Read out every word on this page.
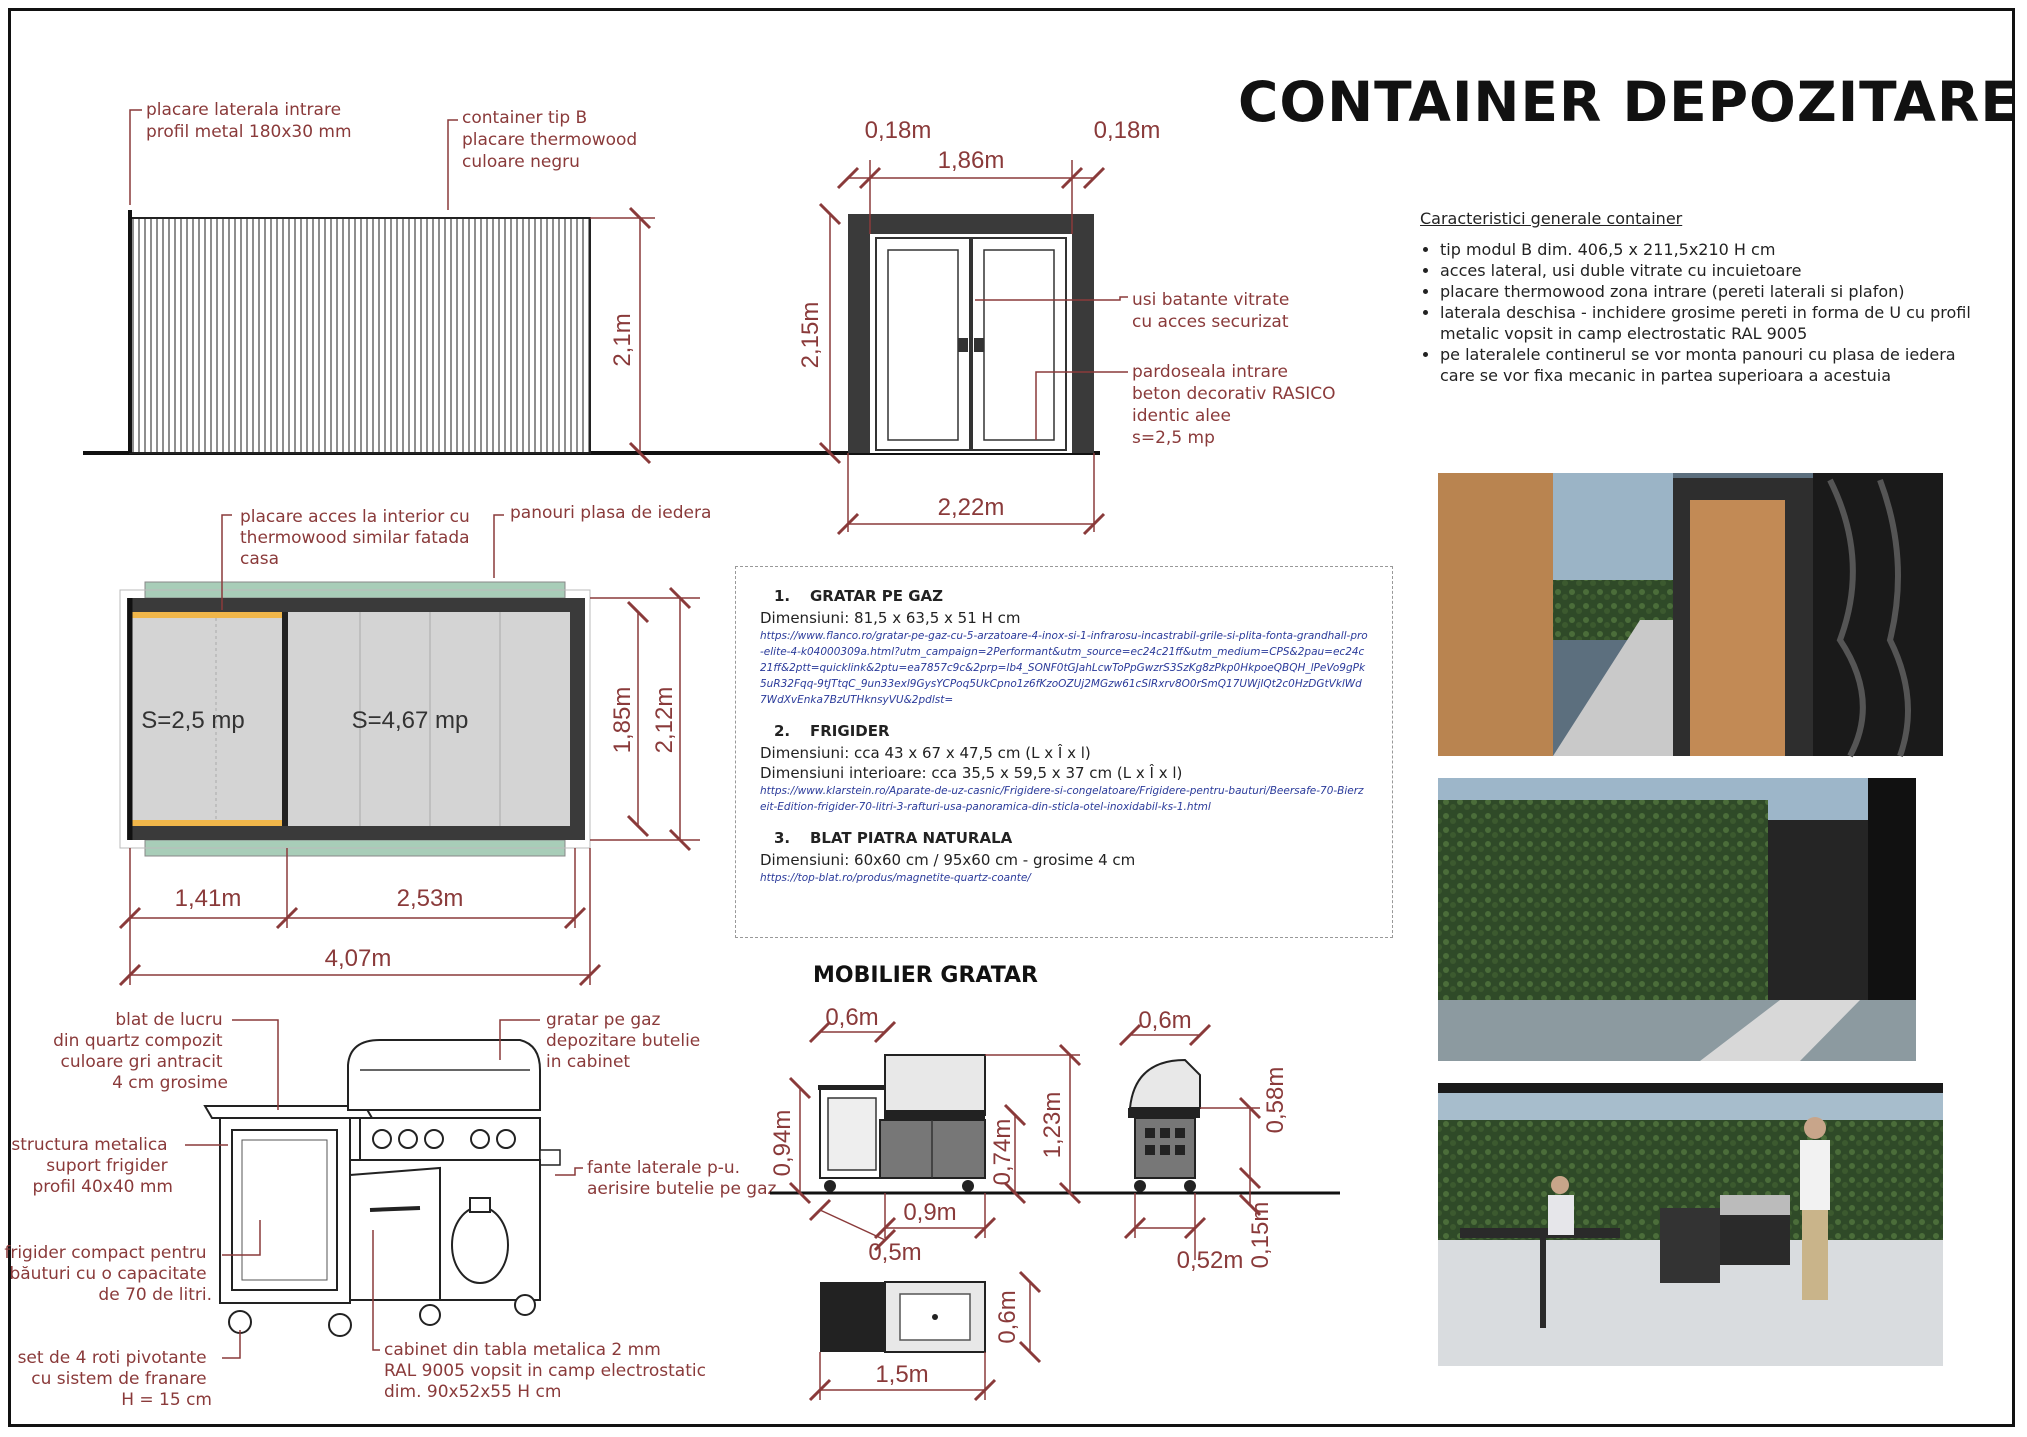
placare laterala intrare profil metal 180x30 mm
container tip B placare thermowood culoare negru
2,1m
0,18m	0,18m
1,86m
2,15m
2,22m
usi batante vitrate cu acces securizat
pardoseala intrare beton decorativ RASICO identic alee s=2,5 mp
S=2,5 mp	S=4,67 mp
placare acces la interior cu thermowood similar fatada casa
panouri plasa de iedera
1,85m 2,12m
1,41m	2,53m
4,07m
blat de lucru din quartz compozit culoare gri antracit 4 cm grosime
gratar pe gaz depozitare butelie in cabinet
structura metalica suport frigider profil 40x40 mm
fante laterale p-u. aerisire butelie pe gaz
frigider compact pentru băuturi cu o capacitate de 70 de litri.
set de 4 roti pivotante cu sistem de franare H = 15 cm
cabinet din tabla metalica 2 mm RAL 9005 vopsit in camp electrostatic dim. 90x52x55 H cm
0,6m
0,94m	0,74m 1,23m
0,9m
0,5m
0,6m
0,58m
0,15m
0,52m
0,6m
1,5m
CONTAINER DEPOZITARE
Caracteristici generale container
• tip modul B dim. 406,5 x 211,5x210 H cm
• acces lateral, usi duble vitrate cu incuietoare
• placare thermowood zona intrare (pereti laterali si plafon)
• laterala deschisa - inchidere grosime pereti in forma de U cu profil metalic vopsit in camp electrostatic RAL 9005
• pe lateralele continerul se vor monta panouri cu plasa de iedera care se vor fixa mecanic in partea superioara a acestuia
1. GRATAR PE GAZ
Dimensiuni: 81,5 x 63,5 x 51 H cm
https://www.flanco.ro/gratar-pe-gaz-cu-5-arzatoare-4-inox-si-1-infrarosu-incastrabil-grile-si-plita-fonta-grandhall-pro-elite-4-k04000309a.html?utm_campaign=2Performant&utm_source=ec24c21ff&utm_medium=CPS&2pau=ec24c21ff&2ptt=quicklink&2ptu=ea7857c9c&2prp=lb4_SONF0tGJahLcwToPpGwzrS3SzKg8zPkp0HkpoeQBQH_lPeVo9gPk5uR32Fqq-9tJTtqC_9un33exl9GysYCPoq5UkCpno1z6fKzoOZUj2MGzw61cSlRxrv8O0rSmQ17UWjlQt2c0HzDGtVklWd7WdXvEnka7BzUTHknsyVU&2pdlst=
2. FRIGIDER
Dimensiuni: cca 43 x 67 x 47,5 cm (L x Î x l)
Dimensiuni interioare: cca 35,5 x 59,5 x 37 cm (L x Î x l)
https://www.klarstein.ro/Aparate-de-uz-casnic/Frigidere-si-congelatoare/Frigidere-pentru-bauturi/Beersafe-70-Bierzeit-Edition-frigider-70-litri-3-rafturi-usa-panoramica-din-sticla-otel-inoxidabil-ks-1.html
3. BLAT PIATRA NATURALA
Dimensiuni: 60x60 cm / 95x60 cm - grosime 4 cm
https://top-blat.ro/produs/magnetite-quartz-coante/
MOBILIER GRATAR
